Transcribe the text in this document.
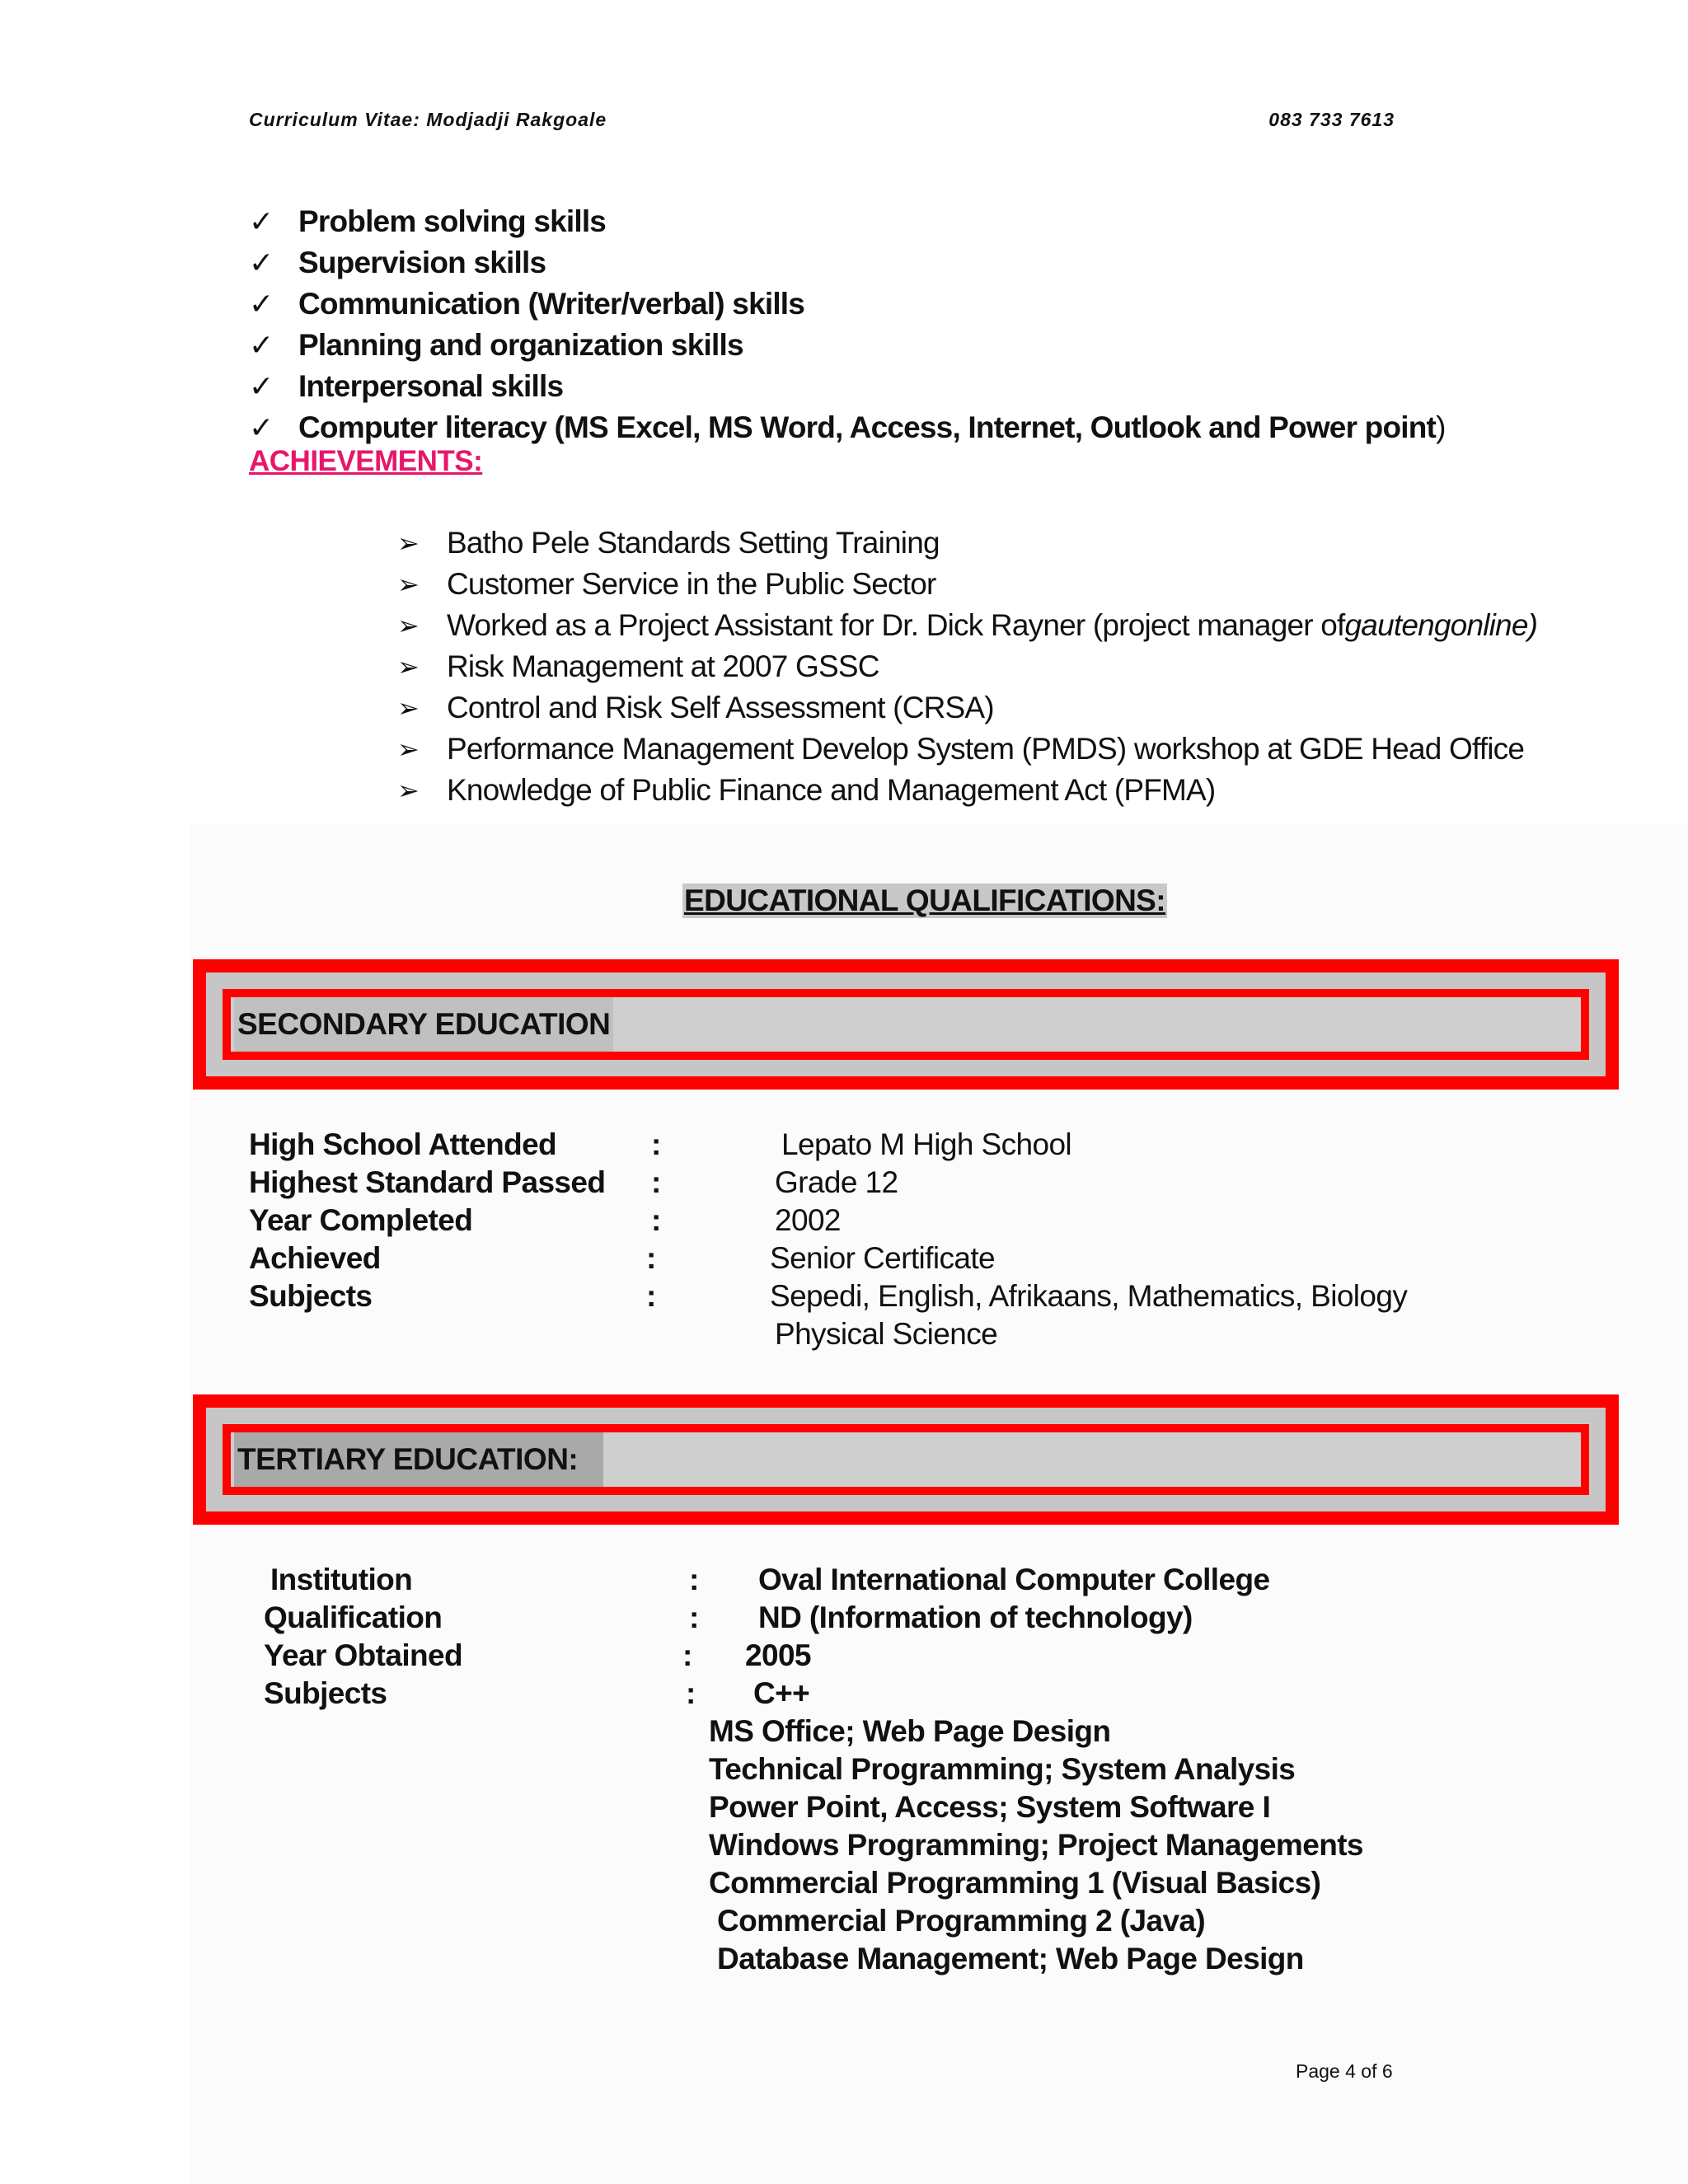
Curriculum Vitae: Modjadji Rakgoale	083 733 7613
✓ Problem solving skills
✓ Supervision skills
✓ Communication (Writer/verbal) skills
✓ Planning and organization skills
✓ Interpersonal skills
✓ Computer literacy (MS Excel, MS Word, Access, Internet, Outlook and Power point )
ACHIEVEMENTS:
➢ Batho Pele Standards Setting Training
➢ Customer Service in the Public Sector
➢ Worked as a Project Assistant for Dr. Dick Rayner (project manager of gautengonline)
➢ Risk Management at 2007 GSSC
➢ Control and Risk Self Assessment (CRSA)
➢ Performance Management Develop System (PMDS) workshop at GDE Head Office
➢ Knowledge of Public Finance and Management Act (PFMA)
EDUCATIONAL QUALIFICATIONS:
SECONDARY EDUCATION
High School Attended	:	Lepato M High School
Highest Standard Passed :	Grade 12
Year Completed	:	2002
Achieved	:	Senior Certificate
Subjects	:	Sepedi, English, Afrikaans, Mathematics, Biology
Physical Science
TERTIARY EDUCATION:
Institution	: Oval International Computer College
Qualification	: ND (Information of technology)
Year Obtained	: 2005
Subjects	: C++
MS Office; Web Page Design
Technical Programming; System Analysis
Power Point, Access; System Software I
Windows Programming; Project Managements
Commercial Programming 1 (Visual Basics)
Commercial Programming 2 (Java)
Database Management; Web Page Design
Page 4 of 6
